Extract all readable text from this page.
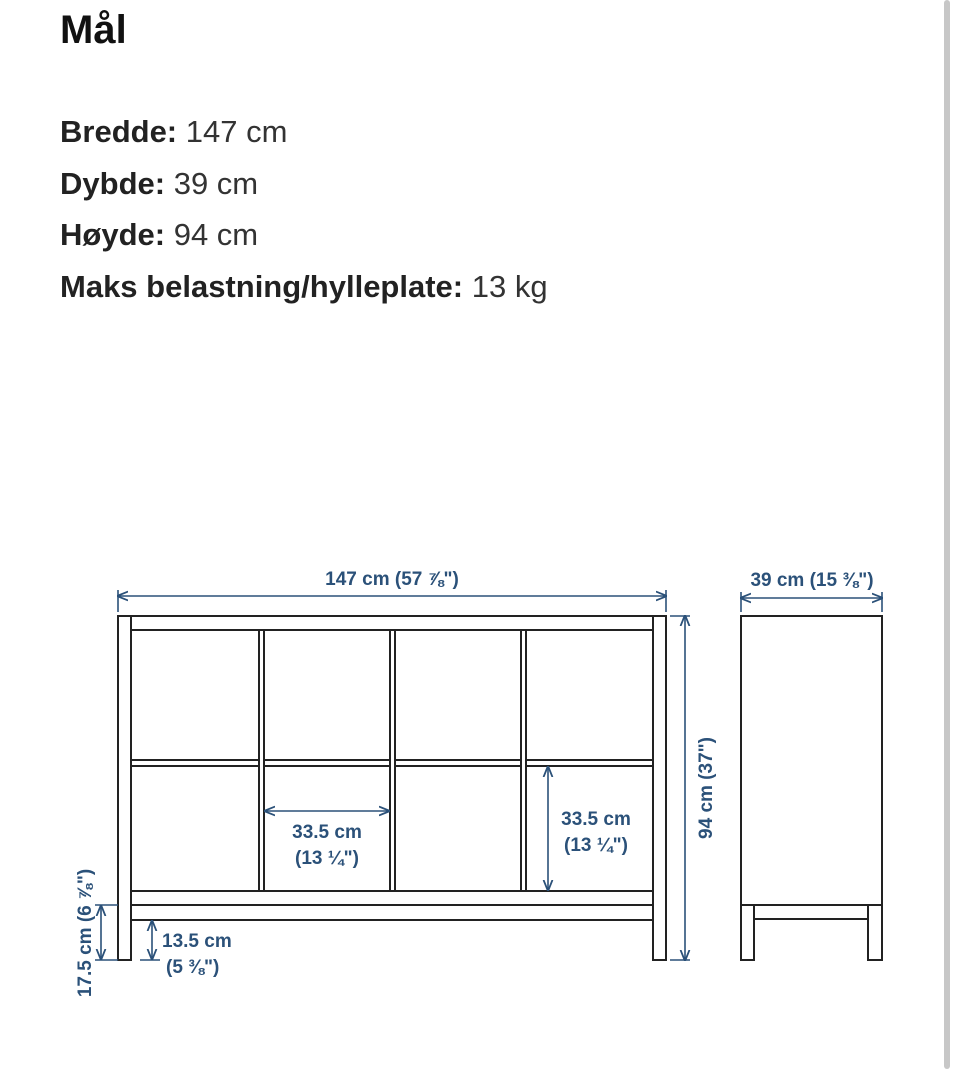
Mål
Bredde: 147 cm
Dybde: 39 cm
Høyde: 94 cm
Maks belastning/hylleplate: 13 kg
147 cm (57 ⅞")	39 cm (15 ⅜")
94 cm (37")
33.5 cm
(13 ¼")
33.5 cm
(13 ¼")
17.5 cm (6 ⅞")	13.5 cm
(5 ⅜")
